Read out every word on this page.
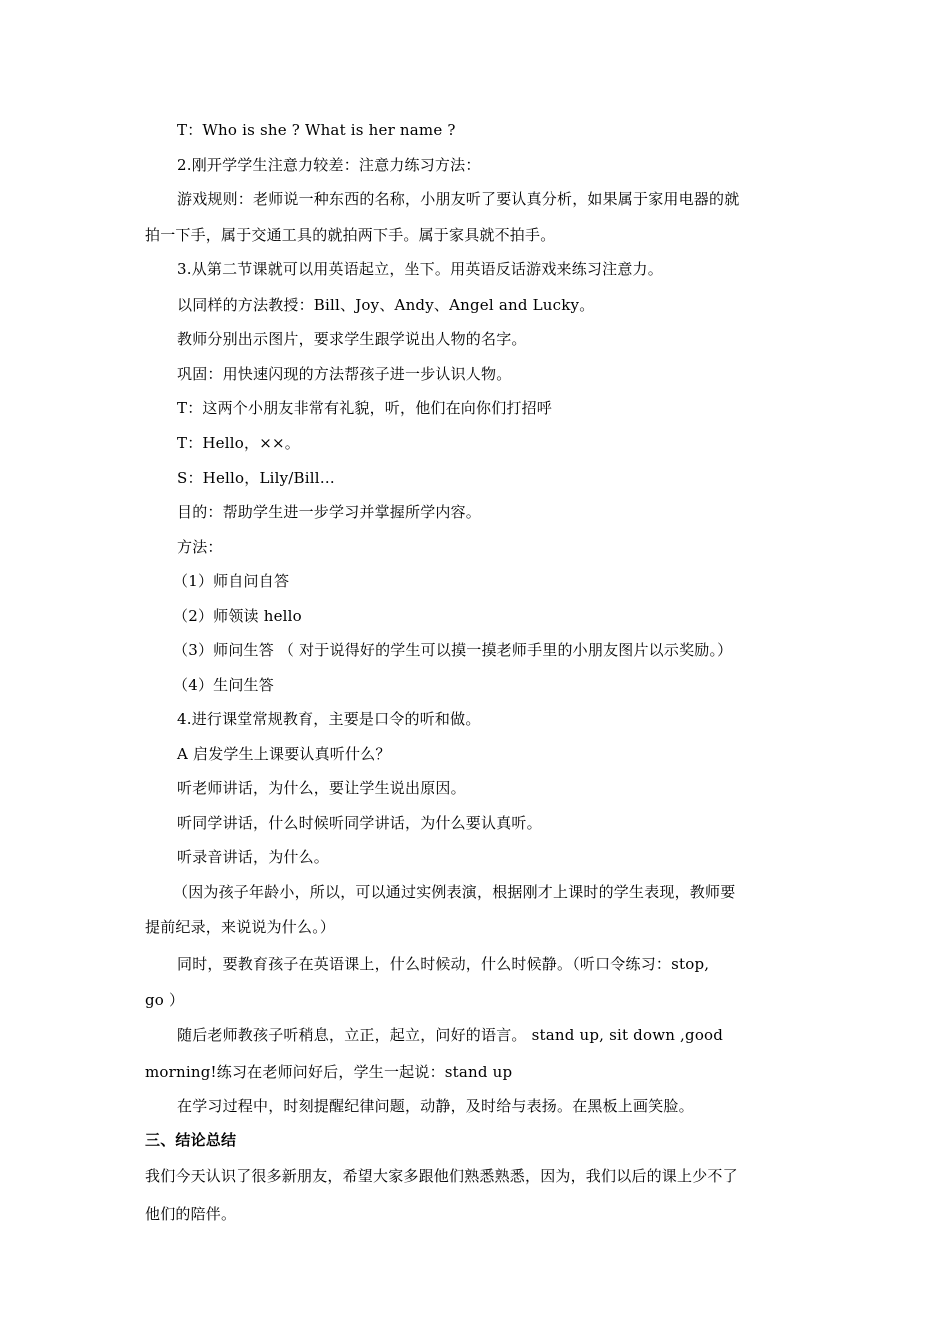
T：Who is she ? What is her name ?
2.刚开学学生注意力较差：注意力练习方法：
游戏规则：老师说一种东西的名称，小朋友听了要认真分析，如果属于家用电器的就
拍一下手，属于交通工具的就拍两下手。属于家具就不拍手。
3.从第二节课就可以用英语起立，坐下。用英语反话游戏来练习注意力。
以同样的方法教授：Bill、Joy、Andy、Angel and Lucky。
教师分别出示图片，要求学生跟学说出人物的名字。
巩固：用快速闪现的方法帮孩子进一步认识人物。
T：这两个小朋友非常有礼貌，听，他们在向你们打招呼
T：Hello，××。
S：Hello，Lily/Bill…
目的：帮助学生进一步学习并掌握所学内容。
方法：
（1）师自问自答
（2）师领读 hello
（3）师问生答 （ 对于说得好的学生可以摸一摸老师手里的小朋友图片以示奖励。）
（4）生问生答
4.进行课堂常规教育，主要是口令的听和做。
A 启发学生上课要认真听什么？
听老师讲话，为什么，要让学生说出原因。
听同学讲话，什么时候听同学讲话，为什么要认真听。
听录音讲话，为什么。
（因为孩子年龄小，所以，可以通过实例表演，根据刚才上课时的学生表现，教师要
提前纪录，来说说为什么。）
同时，要教育孩子在英语课上，什么时候动，什么时候静。（听口令练习：stop,
go ）
随后老师教孩子听稍息，立正，起立，问好的语言。 stand up, sit down ,good
morning!练习在老师问好后，学生一起说：stand up
在学习过程中，时刻提醒纪律问题，动静，及时给与表扬。在黑板上画笑脸。
三、结论总结
我们今天认识了很多新朋友，希望大家多跟他们熟悉熟悉，因为，我们以后的课上少不了
他们的陪伴。
